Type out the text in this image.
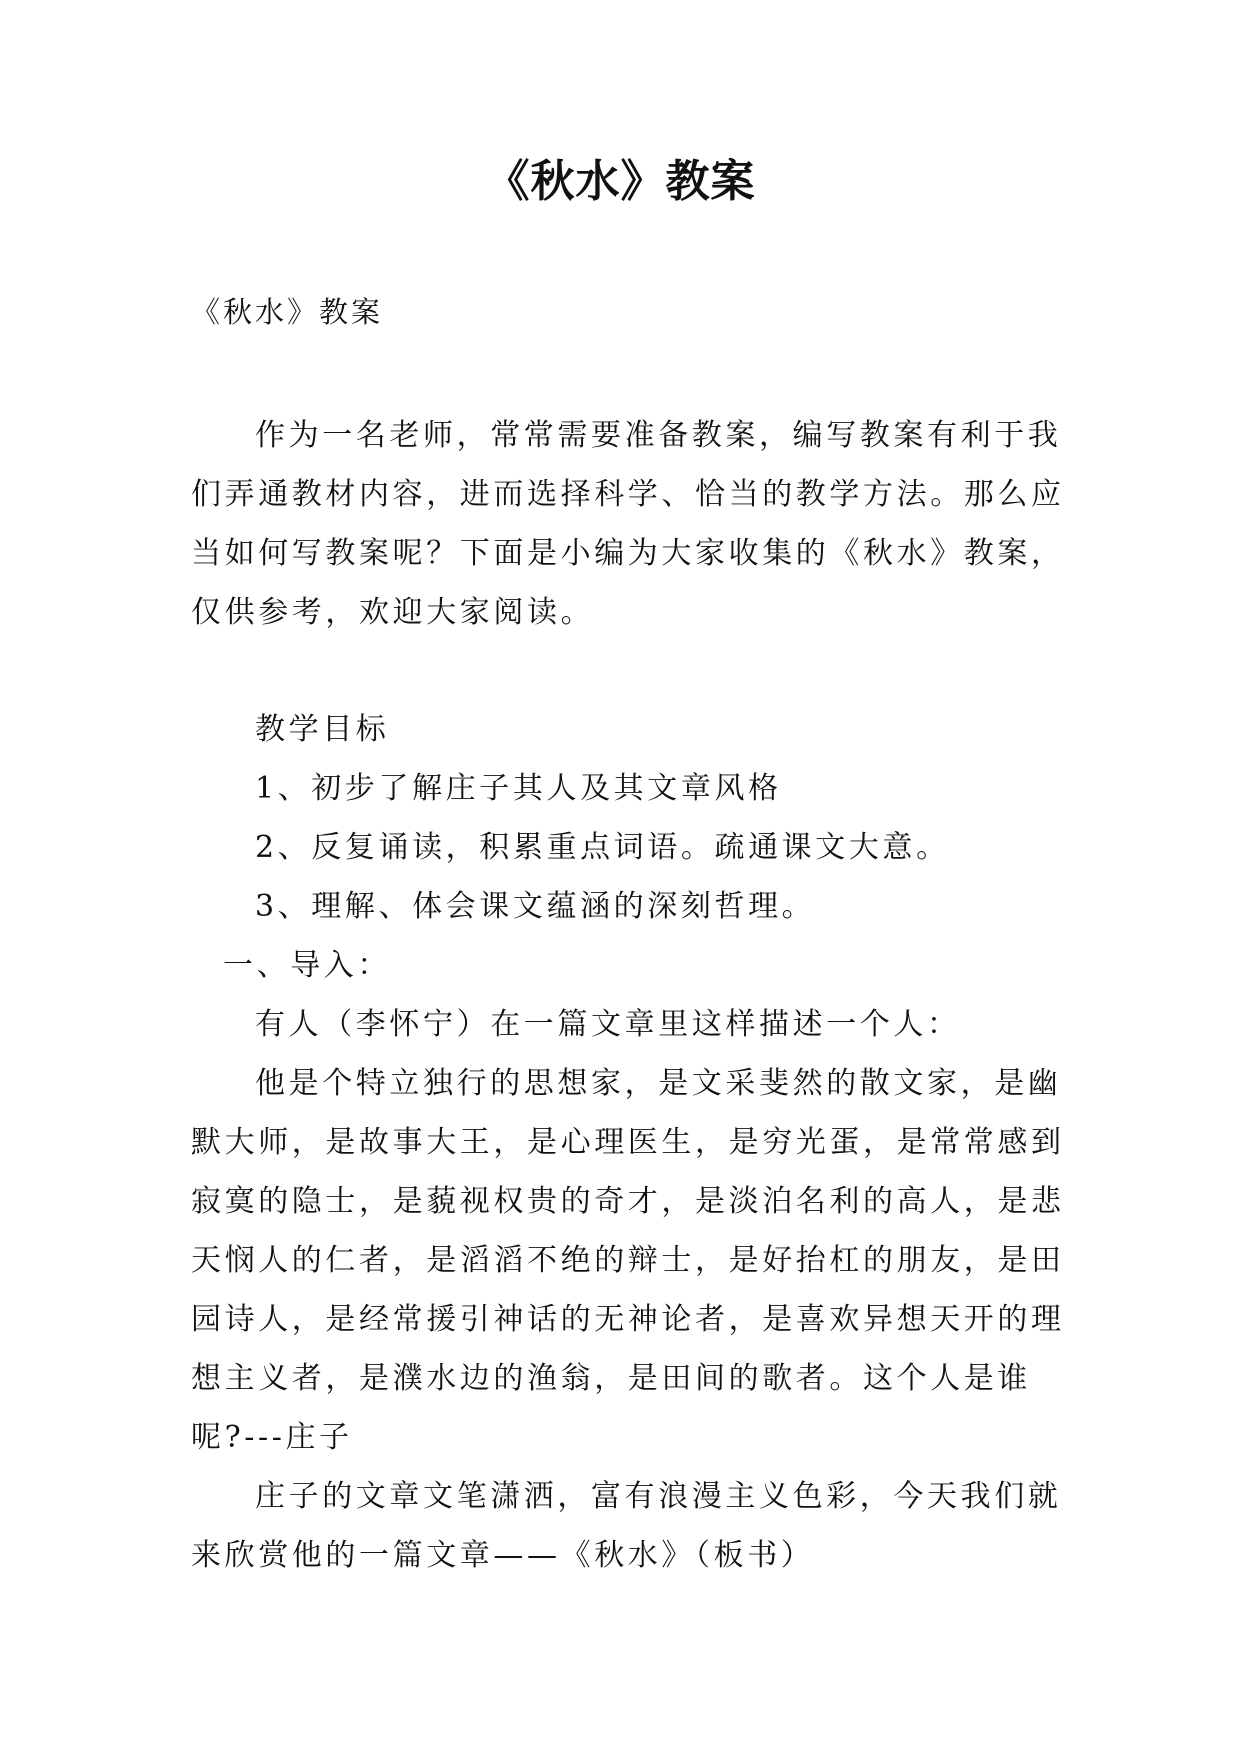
《秋水》教案

《秋水》教案

作为一名老师，常常需要准备教案，编写教案有利于我
们弄通教材内容，进而选择科学、恰当的教学方法。那么应
当如何写教案呢？下面是小编为大家收集的《秋水》教案，
仅供参考，欢迎大家阅读。
教学目标
1、初步了解庄子其人及其文章风格
2、反复诵读，积累重点词语。疏通课文大意。
3、理解、体会课文蕴涵的深刻哲理。
一、导入：
有人（李怀宁）在一篇文章里这样描述一个人：
他是个特立独行的思想家，是文采斐然的散文家，是幽
默大师，是故事大王，是心理医生，是穷光蛋，是常常感到
寂寞的隐士，是藐视权贵的奇才，是淡泊名利的高人，是悲
天悯人的仁者，是滔滔不绝的辩士，是好抬杠的朋友，是田
园诗人，是经常援引神话的无神论者，是喜欢异想天开的理
想主义者，是濮水边的渔翁，是田间的歌者。这个人是谁
呢?---庄子
庄子的文章文笔潇洒，富有浪漫主义色彩，今天我们就
来欣赏他的一篇文章——《秋水》（板书）
